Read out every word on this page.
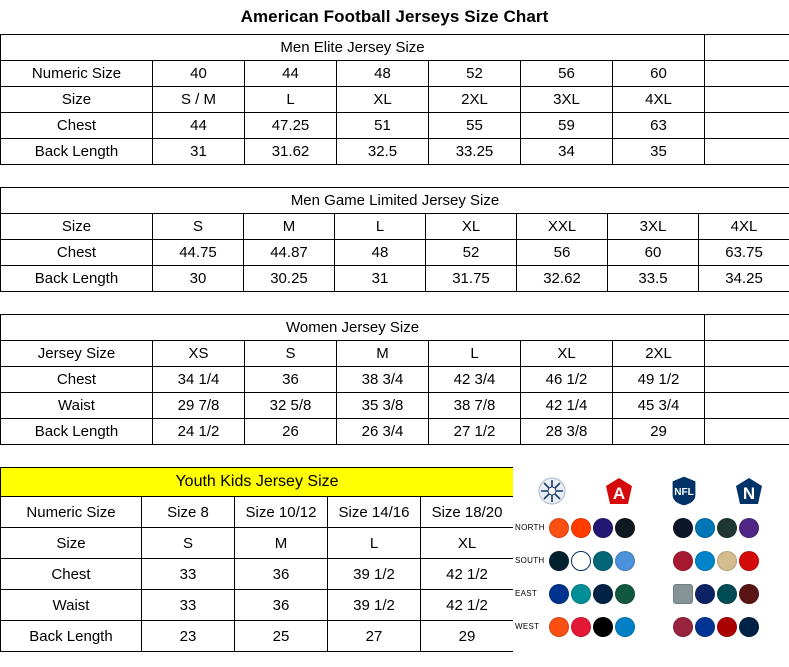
American Football Jerseys Size Chart
Men Elite Jersey Size							
Numeric Size	40	44	48	52	56	60	
Size	S / M	L	XL	2XL	3XL	4XL	
Chest	44	47.25	51	55	59	63	
Back Length	31	31.62	32.5	33.25	34	35	
Men Game Limited Jersey Size							
Size	S	M	L	XL	XXL	3XL	4XL
Chest	44.75	44.87	48	52	56	60	63.75
Back Length	30	30.25	31	31.75	32.62	33.5	34.25
Women Jersey Size							
Jersey Size	XS	S	M	L	XL	2XL	
Chest	34 1/4	36	38 3/4	42 3/4	46 1/2	49 1/2	
Waist	29 7/8	32 5/8	35 3/8	38 7/8	42 1/4	45 3/4	
Back Length	24 1/2	26	26 3/4	27 1/2	28 3/8	29	
Youth Kids Jersey Size				
Numeric Size	Size 8	Size 10/12	Size 14/16	Size 18/20
Size	S	M	L	XL
Chest	33	36	39 1/2	42 1/2
Waist	33	36	39 1/2	42 1/2
Back Length	23	25	27	29
A	NFL	N
NORTH
SOUTH
EAST
WEST
